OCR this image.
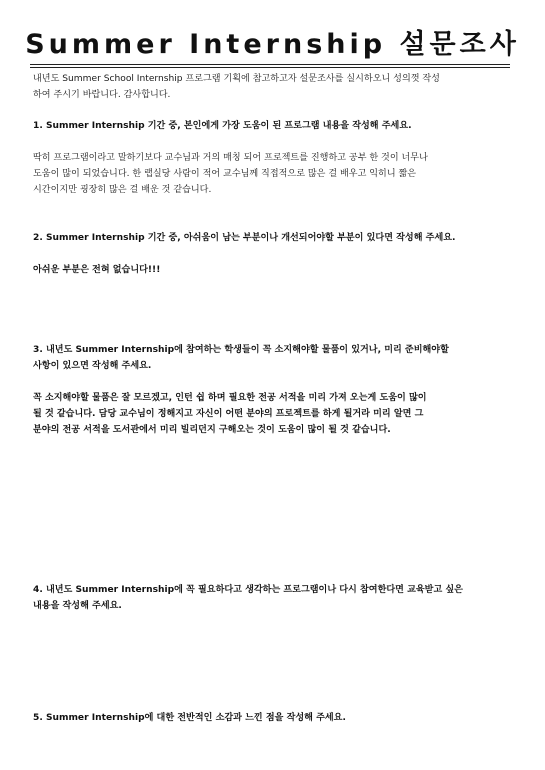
Summer Internship 설문조사
내년도 Summer School Internship 프로그램 기획에 참고하고자 설문조사를 실시하오니 성의껏 작성
하여 주시기 바랍니다. 감사합니다.
1. Summer Internship 기간 중, 본인에게 가장 도움이 된 프로그램 내용을 작성해 주세요.
딱히 프로그램이라고 말하기보다 교수님과 거의 매칭 되어 프로젝트를 진행하고 공부 한 것이 너무나
도움이 많이 되었습니다. 한 랩실당 사람이 적어 교수님께 직접적으로 많은 걸 배우고 익히니 짧은
시간이지만 굉장히 많은 걸 배운 것 같습니다.
2. Summer Internship 기간 중, 아쉬움이 남는 부분이나 개선되어야할 부분이 있다면 작성해 주세요.
아쉬운 부분은 전혀 없습니다!!!
3. 내년도 Summer Internship에 참여하는 학생들이 꼭 소지해야할 물품이 있거나, 미리 준비해야할
사항이 있으면 작성해 주세요.
꼭 소지해야할 물품은 잘 모르겠고, 인턴 쉽 하며 필요한 전공 서적을 미리 가져 오는게 도움이 많이
될 것 같습니다. 담당 교수님이 정해지고 자신이 어떤 분야의 프로젝트를 하게 될거라 미리 알면 그
분야의 전공 서적을 도서관에서 미리 빌리던지 구해오는 것이 도움이 많이 될 것 같습니다.
4. 내년도 Summer Internship에 꼭 필요하다고 생각하는 프로그램이나 다시 참여한다면 교육받고 싶은
내용을 작성해 주세요.
5. Summer Internship에 대한 전반적인 소감과 느낀 점을 작성해 주세요.
